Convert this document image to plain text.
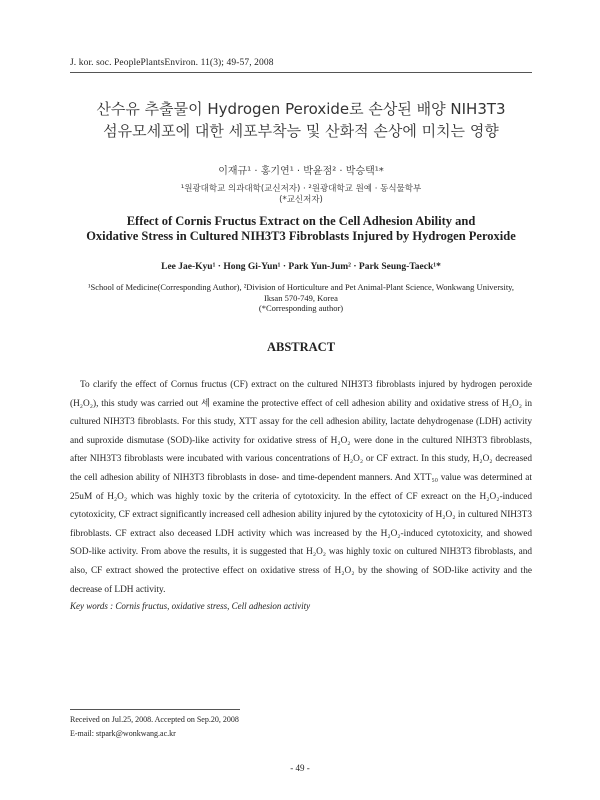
J. kor. soc. PeoplePlantsEnviron. 11(3); 49-57, 2008
산수유 추출물이 Hydrogen Peroxide로 손상된 배양 NIH3T3
섬유모세포에 대한 세포부착능 및 산화적 손상에 미치는 영향
이재규¹ · 홍기연¹ · 박윤점² · 박승택¹*
¹원광대학교 의과대학(교신저자) · ²원광대학교 원예 · 동식물학부
(*교신저자)
Effect of Cornis Fructus Extract on the Cell Adhesion Ability and
Oxidative Stress in Cultured NIH3T3 Fibroblasts Injured by Hydrogen Peroxide
Lee Jae-Kyu¹ · Hong Gi-Yun¹ · Park Yun-Jum² · Park Seung-Taeck¹*
¹School of Medicine(Corresponding Author), ²Division of Horticulture and Pet Animal-Plant Science, Wonkwang University,
Iksan 570-749, Korea
(*Corresponding author)
ABSTRACT

To clarify the effect of Cornus fructus (CF) extract on the cultured NIH3T3 fibroblasts injured by hydrogen peroxide (H₂O₂), this study was carried out 세 examine the protective effect of cell adhesion ability and oxidative stress of H₂O₂ in cultured NIH3T3 fibroblasts. For this study, XTT assay for the cell adhesion ability, lactate dehydrogenase (LDH) activity and suproxide dismutase (SOD)-like activity for oxidative stress of H₂O₂ were done in the cultured NIH3T3 fibroblasts, after NIH3T3 fibroblasts were incubated with various concentrations of H₂O₂ or CF extract. In this study, H₂O₂ decreased the cell adhesion ability of NIH3T3 fibroblasts in dose- and time-dependent manners. And XTT₅₀ value was determined at 25uM of H₂O₂ which was highly toxic by the criteria of cytotoxicity. In the effect of CF exreact on the H₂O₂-induced cytotoxicity, CF extract significantly increased cell adhesion ability injured by the cytotoxicity of H₂O₂ in cultured NIH3T3 fibroblasts. CF extract also deceased LDH activity which was increased by the H₂O₂-induced cytotoxicity, and showed SOD-like activity. From above the results, it is suggested that H₂O₂ was highly toxic on cultured NIH3T3 fibroblasts, and also, CF extract showed the protective effect on oxidative stress of H₂O₂ by the showing of SOD-like activity and the decrease of LDH activity.

Key words : Cornis fructus, oxidative stress, Cell adhesion activity
Received on Jul.25, 2008. Accepted on Sep.20, 2008
E-mail: stpark@wonkwang.ac.kr
- 49 -
